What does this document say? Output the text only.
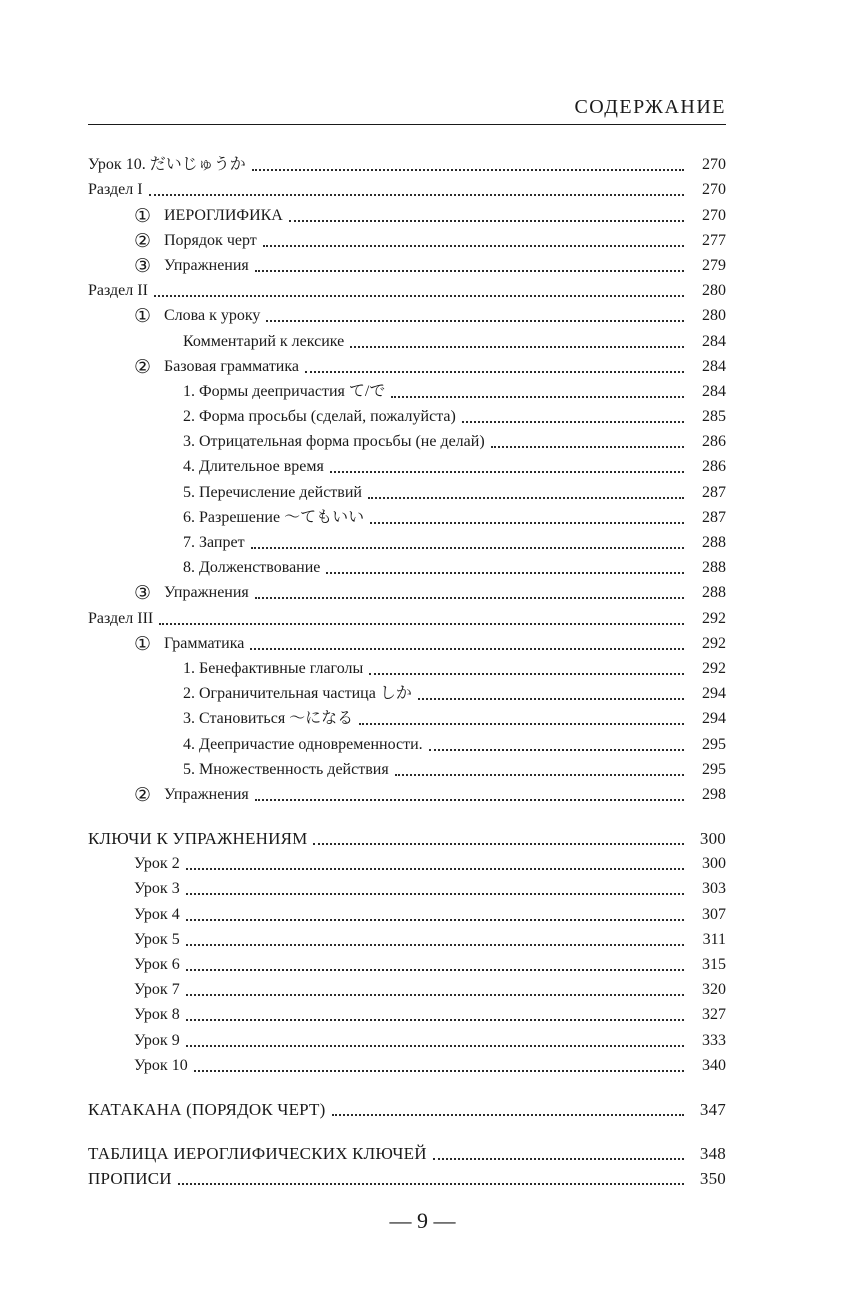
СОДЕРЖАНИЕ
Урок 10. だいじゅうか	270
Раздел I	270
① ИЕРОГЛИФИКА	270
② Порядок черт	277
③ Упражнения	279
Раздел II	280
① Слова к уроку	280
Комментарий к лексике	284
② Базовая грамматика	284
1. Формы деепричастия て/で	284
2. Форма просьбы (сделай, пожалуйста)	285
3. Отрицательная форма просьбы (не делай)	286
4. Длительное время	286
5. Перечисление действий	287
6. Разрешение 〜てもいい	287
7. Запрет	288
8. Долженствование	288
③ Упражнения	288
Раздел III	292
① Грамматика	292
1. Бенефактивные глаголы	292
2. Ограничительная частица しか	294
3. Становиться 〜になる	294
4. Деепричастие одновременности.	295
5. Множественность действия	295
② Упражнения	298
КЛЮЧИ К УПРАЖНЕНИЯМ	300
Урок 2	300
Урок 3	303
Урок 4	307
Урок 5	311
Урок 6	315
Урок 7	320
Урок 8	327
Урок 9	333
Урок 10	340
КАТАКАНА (ПОРЯДОК ЧЕРТ)	347
ТАБЛИЦА ИЕРОГЛИФИЧЕСКИХ КЛЮЧЕЙ	348
ПРОПИСИ	350
— 9 —
